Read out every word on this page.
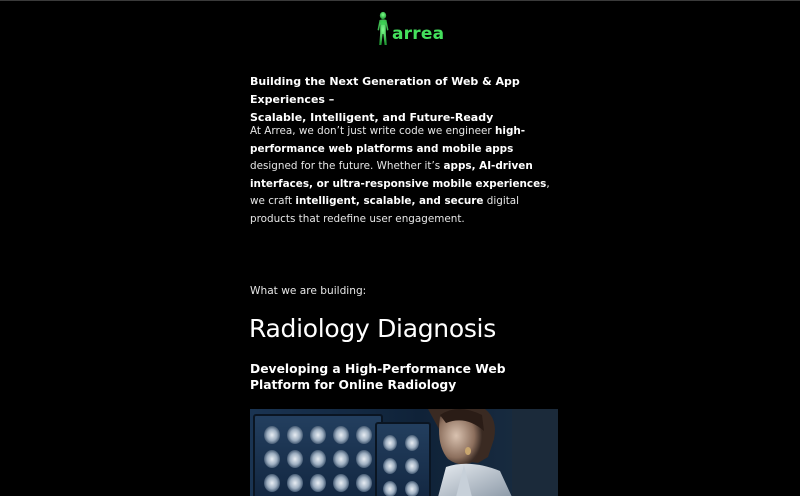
arrea

Building the Next Generation of Web & App Experiences –
Scalable, Intelligent, and Future-Ready

At Arrea, we don’t just write code we engineer high-performance web platforms and mobile apps designed for the future. Whether it’s apps, AI-driven interfaces, or ultra-responsive mobile experiences, we craft intelligent, scalable, and secure digital products that redefine user engagement.

What we are building:

Radiology Diagnosis
Developing a High-Performance Web Platform for Online Radiology
